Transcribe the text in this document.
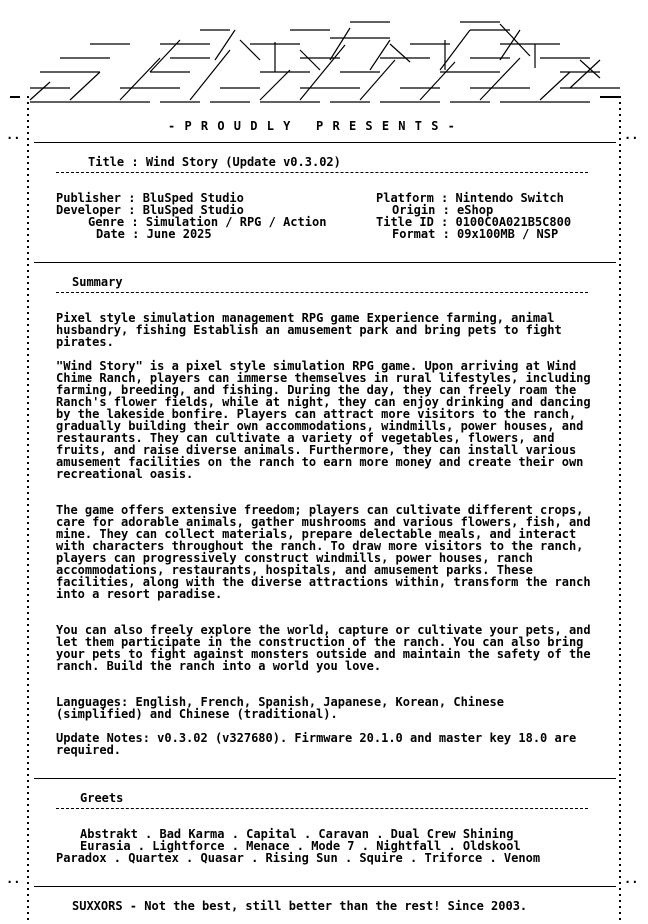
··	··
··	··
- P R O U D L Y   P R E S E N T S -
Title : Wind Story (Update v0.3.02)
Publisher : BluSped Studio
Developer : BluSped Studio
Genre : Simulation / RPG / Action
Date : June 2025
Platform : Nintendo Switch
Origin : eShop
Title ID : 0100C0A021B5C800
Format : 09x100MB / NSP
Summary

Pixel style simulation management RPG game Experience farming, animal husbandry, fishing Establish an amusement park and bring pets to fight pirates.

"Wind Story" is a pixel style simulation RPG game. Upon arriving at Wind Chime Ranch, players can immerse themselves in rural lifestyles, including farming, breeding, and fishing. During the day, they can freely roam the Ranch's flower fields, while at night, they can enjoy drinking and dancing by the lakeside bonfire. Players can attract more visitors to the ranch, gradually building their own accommodations, windmills, power houses, and restaurants. They can cultivate a variety of vegetables, flowers, and fruits, and raise diverse animals. Furthermore, they can install various amusement facilities on the ranch to earn more money and create their own recreational oasis.

The game offers extensive freedom; players can cultivate different crops, care for adorable animals, gather mushrooms and various flowers, fish, and mine. They can collect materials, prepare delectable meals, and interact with characters throughout the ranch. To draw more visitors to the ranch, players can progressively construct windmills, power houses, ranch accommodations, restaurants, hospitals, and amusement parks. These facilities, along with the diverse attractions within, transform the ranch into a resort paradise.

You can also freely explore the world, capture or cultivate your pets, and let them participate in the construction of the ranch. You can also bring your pets to fight against monsters outside and maintain the safety of the ranch. Build the ranch into a world you love.

Languages: English, French, Spanish, Japanese, Korean, Chinese (simplified) and Chinese (traditional).

Update Notes: v0.3.02 (v327680). Firmware 20.1.0 and master key 18.0 are required.

Greets
Abstrakt . Bad Karma . Capital . Caravan . Dual Crew Shining
Eurasia . Lightforce . Menace . Mode 7 . Nightfall . Oldskool
Paradox . Quartex . Quasar . Rising Sun . Squire . Triforce . Venom
SUXXORS - Not the best, still better than the rest! Since 2003.
